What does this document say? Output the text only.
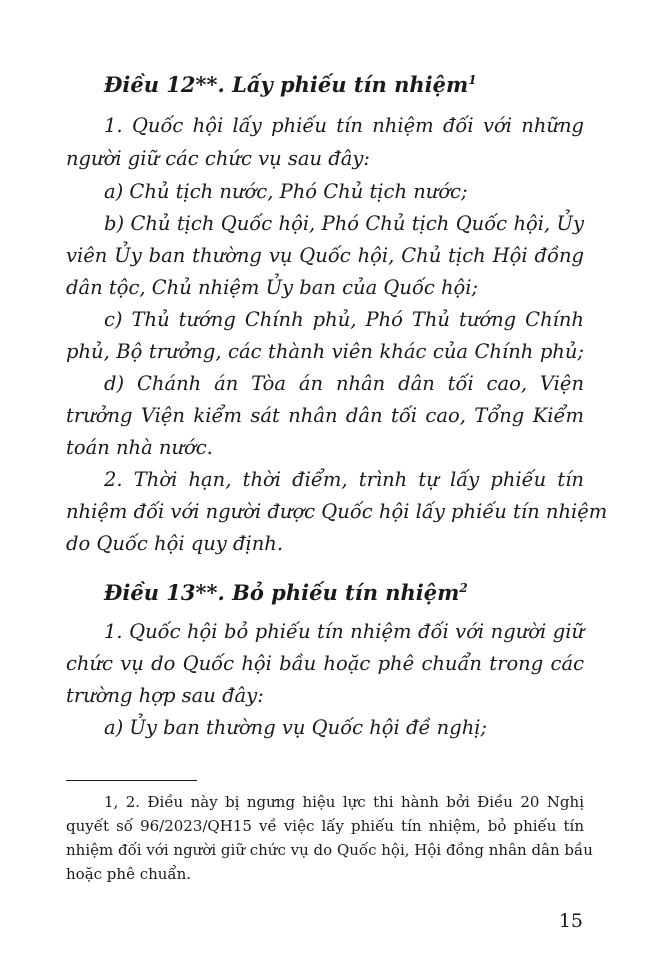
Điều 12**. Lấy phiếu tín nhiệm$^1$
1. Quốc hội lấy phiếu tín nhiệm đối với những
người giữ các chức vụ sau đây:
a) Chủ tịch nước, Phó Chủ tịch nước;
b) Chủ tịch Quốc hội, Phó Chủ tịch Quốc hội, Ủy
viên Ủy ban thường vụ Quốc hội, Chủ tịch Hội đồng
dân tộc, Chủ nhiệm Ủy ban của Quốc hội;
c) Thủ tướng Chính phủ, Phó Thủ tướng Chính
phủ, Bộ trưởng, các thành viên khác của Chính phủ;
d) Chánh án Tòa án nhân dân tối cao, Viện
trưởng Viện kiểm sát nhân dân tối cao, Tổng Kiểm
toán nhà nước.
2. Thời hạn, thời điểm, trình tự lấy phiếu tín
nhiệm đối với người được Quốc hội lấy phiếu tín nhiệm
do Quốc hội quy định.
Điều 13**. Bỏ phiếu tín nhiệm$^2$
1. Quốc hội bỏ phiếu tín nhiệm đối với người giữ
chức vụ do Quốc hội bầu hoặc phê chuẩn trong các
trường hợp sau đây:
a) Ủy ban thường vụ Quốc hội đề nghị;
1, 2. Điều này bị ngưng hiệu lực thi hành bởi Điều 20 Nghị
quyết số 96/2023/QH15 về việc lấy phiếu tín nhiệm, bỏ phiếu tín
nhiệm đối với người giữ chức vụ do Quốc hội, Hội đồng nhân dân bầu
hoặc phê chuẩn.
15
